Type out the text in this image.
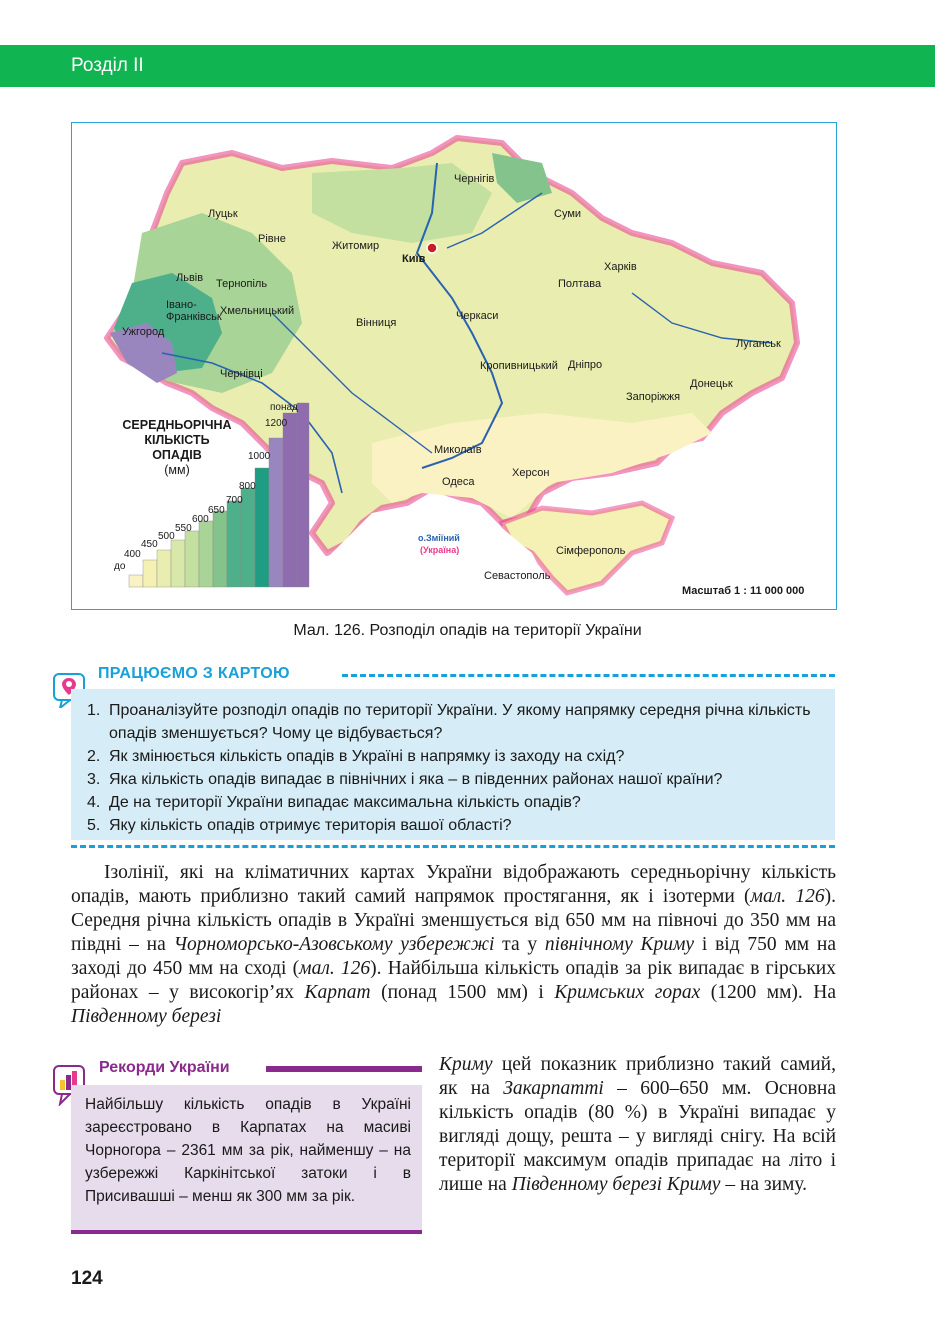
Розділ II
Чернігів
Луцьк
Рівне
Житомир
Київ
Суми
Львів Тернопіль
Хмельницький
Харків
Полтава
Івано-Франківськ
Ужгород
Вінниця
Черкаси
Луганськ
Чернівці
Кропивницький Дніпро
Донецьк
Запоріжжя
Миколаїв
Херсон
Одеса
Сімферополь
Севастополь
о.Зміїний
(Україна)
СЕРЕДНЬОРІЧНА
КІЛЬКІСТЬ
ОПАДІВ
(мм)
до
400
450
500
550
600
650
700
800
1000
1200
понад
Масштаб 1 : 11 000 000
Мал. 126. Розподіл опадів на території України
ПРАЦЮЄМО З КАРТОЮ
1. Проаналізуйте розподіл опадів по території України. У якому напрямку середня річна кількість опадів зменшується? Чому це відбувається?
2. Як змінюється кількість опадів в Україні в напрямку із заходу на схід?
3. Яка кількість опадів випадає в північних і яка – в південних районах нашої країни?
4. Де на території України випадає максимальна кількість опадів?
5. Яку кількість опадів отримує територія вашої області?

Ізолінії, які на кліматичних картах України відображають середньорічну кількість опадів, мають приблизно такий самий напрямок простягання, як і ізотерми (мал. 126). Середня річна кількість опадів в Україні зменшується від 650 мм на півночі до 350 мм на півдні – на Чорноморсько-Азовському узбережжі та у північному Криму і від 750 мм на заході до 450 мм на сході (мал. 126). Найбільша кількість опадів за рік випадає в гірських районах – у високогір’ях Карпат (понад 1500 мм) і Кримських горах (1200 мм). На Південному березі

Криму цей показник приблизно такий самий, як на Закарпатті – 600–650 мм. Основна кількість опадів (80 %) в Україні випадає у вигляді дощу, решта – у вигляді снігу. На всій території максимум опадів припадає на літо і лише на Південному березі Криму – на зиму.

Рекорди України
Найбільшу кількість опадів в Україні зареєстровано в Карпатах на масиві Чорногора – 2361 мм за рік, найменшу – на узбережжі Каркінітської затоки і в Присивашші – менш як 300 мм за рік.
124
